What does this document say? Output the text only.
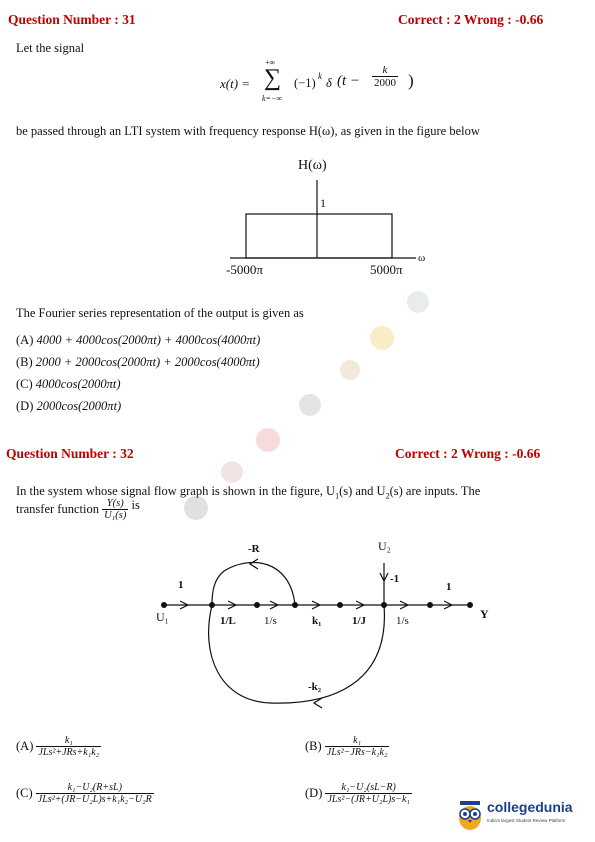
Question Number : 31	Correct : 2 Wrong : -0.66
Let the signal
x(t) =
+∞
∑
k=−∞
(−1) k δ ($t - \frac{k}{2000}$ )
be passed through an LTI system with frequency response H(ω), as given in the figure below
H(ω)
1
ω
-5000π	5000π
The Fourier series representation of the output is given as
(A) 4000 + 4000cos(2000πt) + 4000cos(4000πt)
(B) 2000 + 2000cos(2000πt) + 2000cos(4000πt)
(C) 4000cos(2000πt)
(D) 2000cos(2000πt)
Question Number : 32	Correct : 2 Wrong : -0.66
In the system whose signal flow graph is shown in the figure, $U_1(s)$ and $U_2(s)$ are inputs. The
transfer function $\frac{Y(s)}{\text{U₁(s)}}$ is
U₁
U₂
Y
1
1/L	1/s	k₁	1/J	1/s
1
-1
-R
-k₂
$(A) \frac{\text{k₁}}{\text{JLs²+JRs+k₁k₂}}$	$(B) \frac{\text{k₁}}{\text{JLs²−JRs−k₁k₂}}$
$(C) \frac{\text{k₁−U₂(R+sL)}}{\text{JLs²+(JR−U₂L)s+k₁k₂−U₂R}}$	$(D) \frac{\text{k₁−U₂(sL−R)}}{\text{JLs²−(JR+U₂L)s−k₁}}$
collegedunia
India's largest Student Review Platform
